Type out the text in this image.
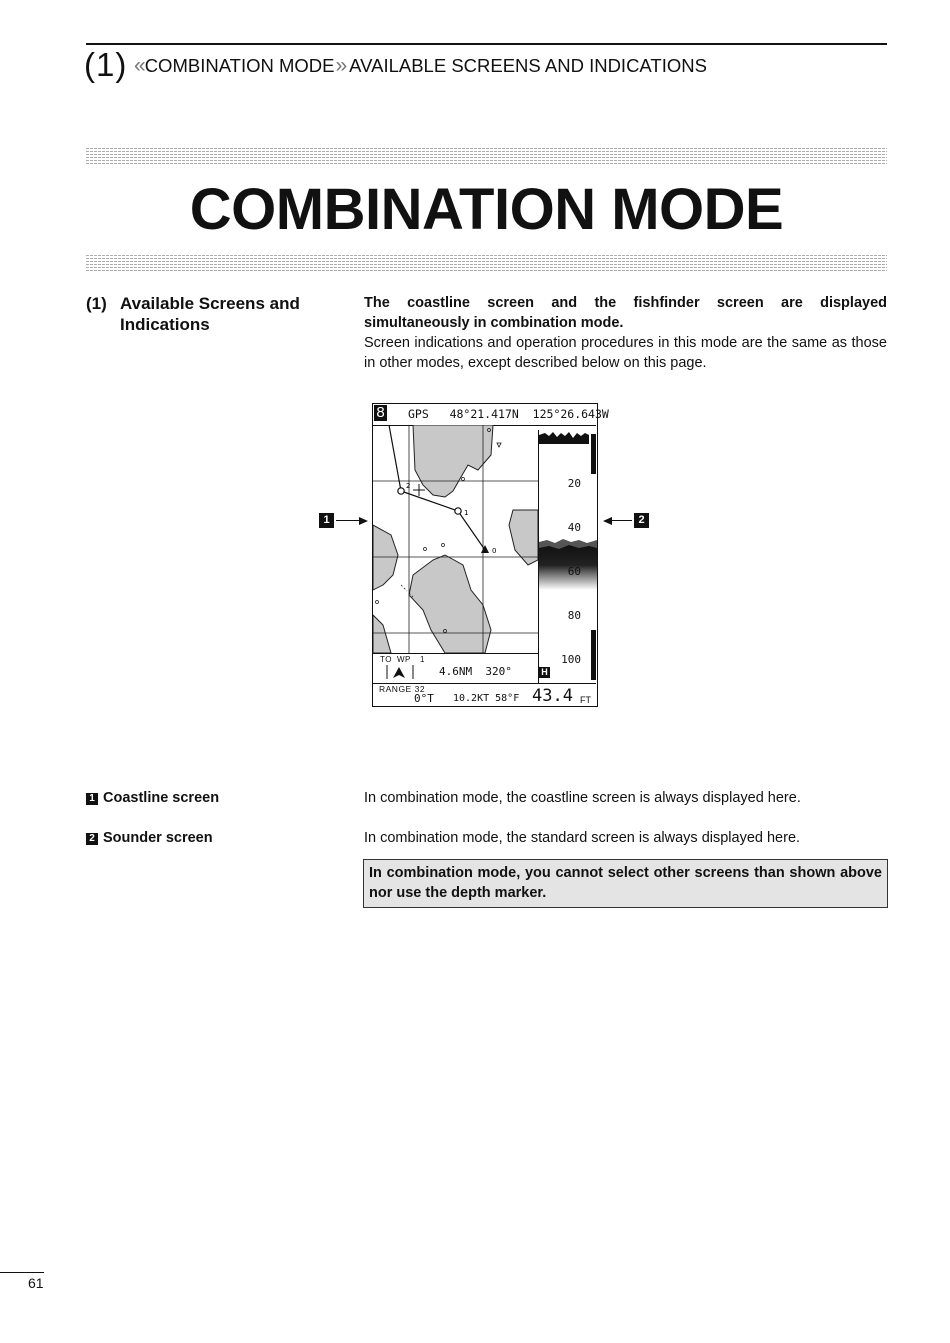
(1) « COMBINATION MODE» AVAILABLE SCREENS AND INDICATIONS
COMBINATION MODE
(1) Available Screens and Indications
The coastline screen and the fishfinder screen are displayed simultaneously in combination mode.
Screen indications and operation procedures in this mode are the same as those in other modes, except described below on this page.
1	2
8 GPS 48°21.417N 125°26.643W
2
1
0
0
20
40
60
80
100
H
TO WP 1
4.6NM  320°
RANGE 32
0°T 10.2KT 58°F 43.4 FT
1 Coastline screen	In combination mode, the coastline screen is always displayed here.
2 Sounder screen	In combination mode, the standard screen is always displayed here.
In combination mode, you cannot select other screens than shown above nor use the depth marker.
61
